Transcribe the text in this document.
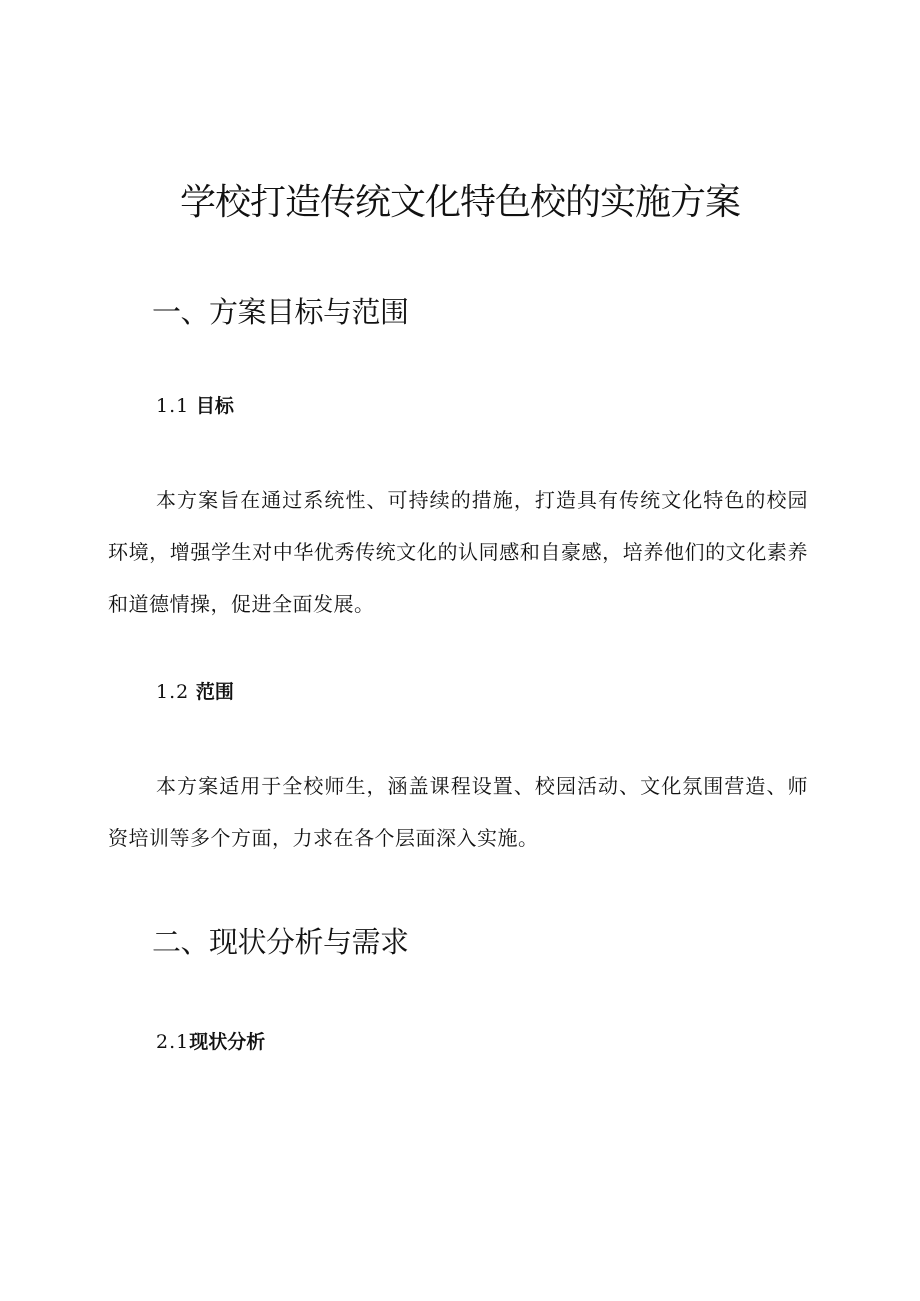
学校打造传统文化特色校的实施方案
一、方案目标与范围
1.1 目标

本方案旨在通过系统性、可持续的措施，打造具有传统文化特色的校园环境，增强学生对中华优秀传统文化的认同感和自豪感，培养他们的文化素养和道德情操，促进全面发展。

1.2 范围

本方案适用于全校师生，涵盖课程设置、校园活动、文化氛围营造、师资培训等多个方面，力求在各个层面深入实施。

二、现状分析与需求
2.1现状分析
